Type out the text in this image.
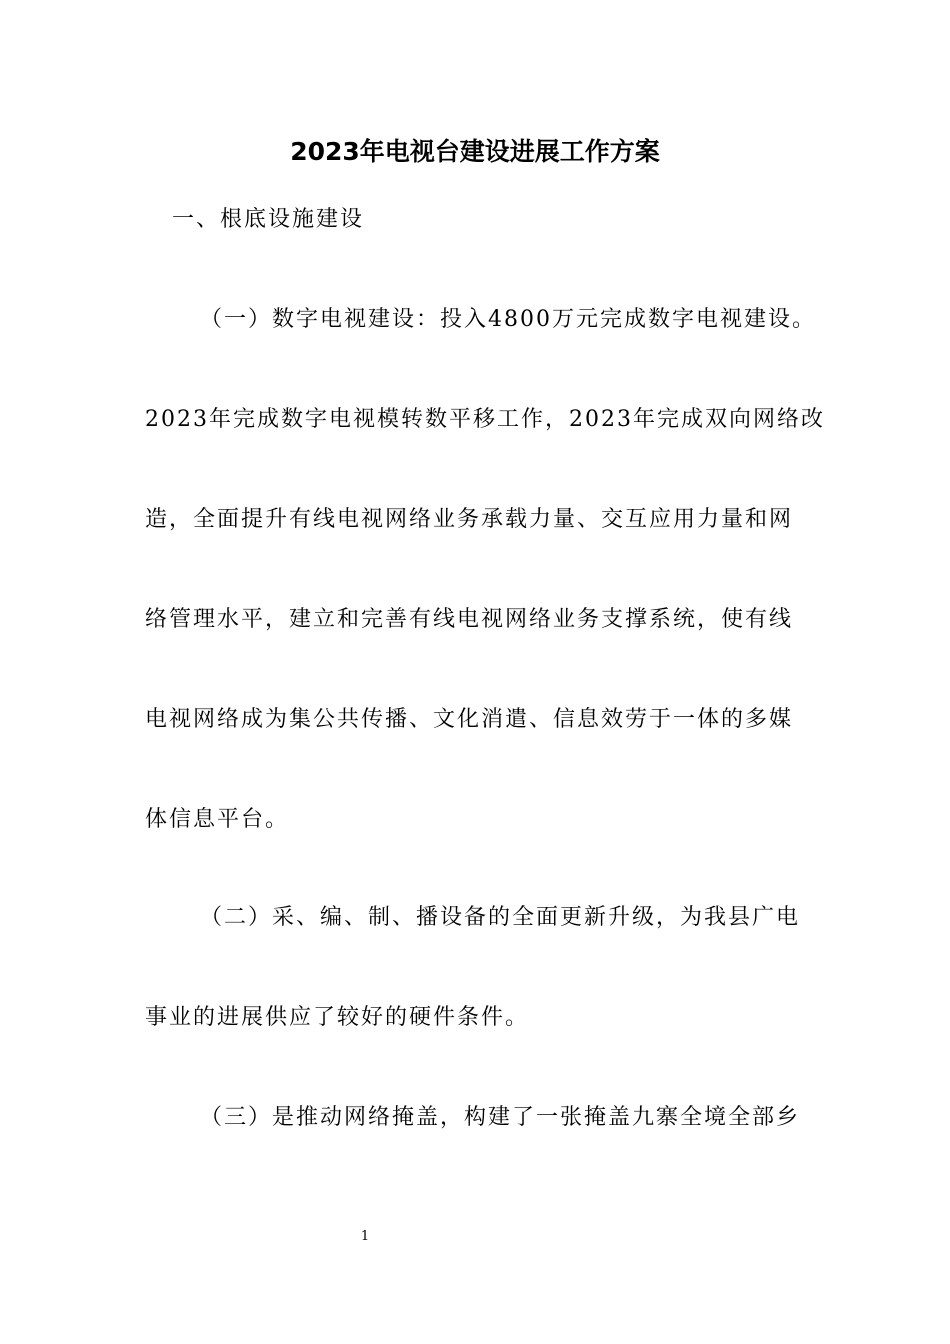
2023年电视台建设进展工作方案
一、根底设施建设
（一）数字电视建设：投入4800万元完成数字电视建设。
2023年完成数字电视模转数平移工作，2023年完成双向网络改
造，全面提升有线电视网络业务承载力量、交互应用力量和网
络管理水平，建立和完善有线电视网络业务支撑系统，使有线
电视网络成为集公共传播、文化消遣、信息效劳于一体的多媒
体信息平台。
（二）采、编、制、播设备的全面更新升级，为我县广电
事业的进展供应了较好的硬件条件。
（三）是推动网络掩盖，构建了一张掩盖九寨全境全部乡
1
